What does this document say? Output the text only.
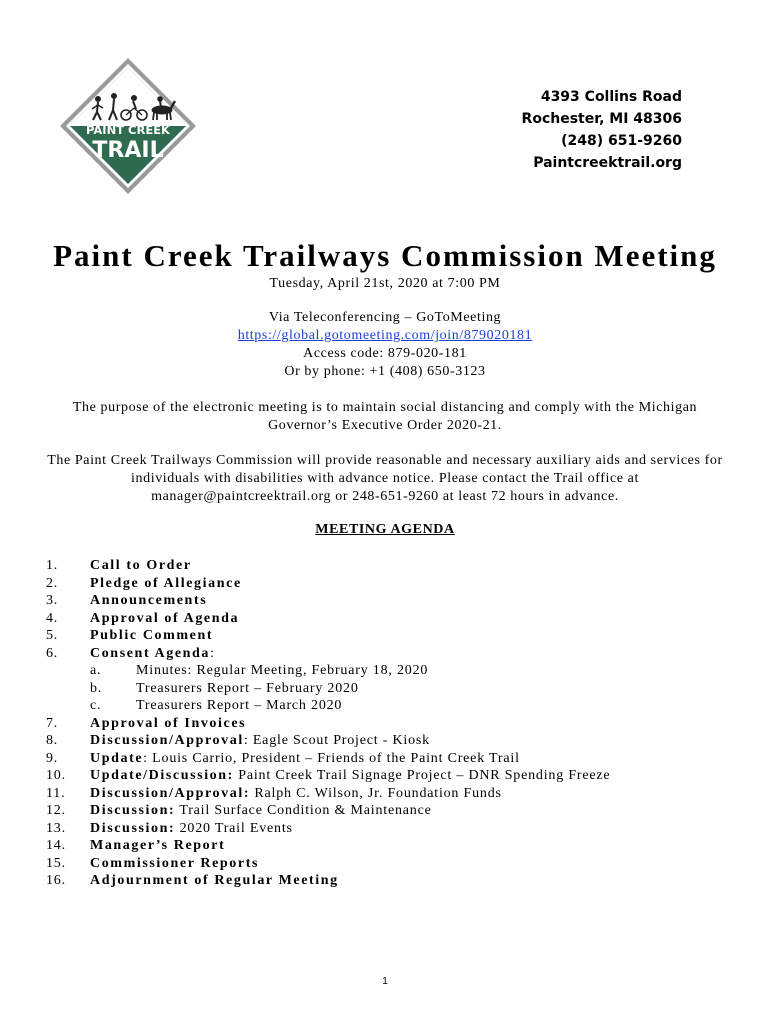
PAINT CREEK
TRAIL
4393 Collins Road
Rochester, MI 48306
(248) 651-9260
Paintcreektrail.org
Paint Creek Trailways Commission Meeting
Tuesday, April 21st, 2020 at 7:00 PM
Via Teleconferencing – GoToMeeting
https://global.gotomeeting.com/join/879020181
Access code: 879-020-181
Or by phone: +1 (408) 650-3123
The purpose of the electronic meeting is to maintain social distancing and comply with the Michigan Governor’s Executive Order 2020-21.
The Paint Creek Trailways Commission will provide reasonable and necessary auxiliary aids and services for individuals with disabilities with advance notice. Please contact the Trail office at manager@paintcreektrail.org or 248-651-9260 at least 72 hours in advance.
MEETING AGENDA
1.	Call to Order
2.	Pledge of Allegiance
3.	Announcements
4.	Approval of Agenda
5.	Public Comment
6.	Consent Agenda:
a.	Minutes: Regular Meeting, February 18, 2020
b.	Treasurers Report – February 2020
c.	Treasurers Report – March 2020
7.	Approval of Invoices
8.	Discussion/Approval: Eagle Scout Project - Kiosk
9.	Update: Louis Carrio, President – Friends of the Paint Creek Trail
10.	Update/Discussion: Paint Creek Trail Signage Project – DNR Spending Freeze
11.	Discussion/Approval: Ralph C. Wilson, Jr. Foundation Funds
12.	Discussion: Trail Surface Condition & Maintenance
13.	Discussion: 2020 Trail Events
14.	Manager’s Report
15.	Commissioner Reports
16.	Adjournment of Regular Meeting
1
